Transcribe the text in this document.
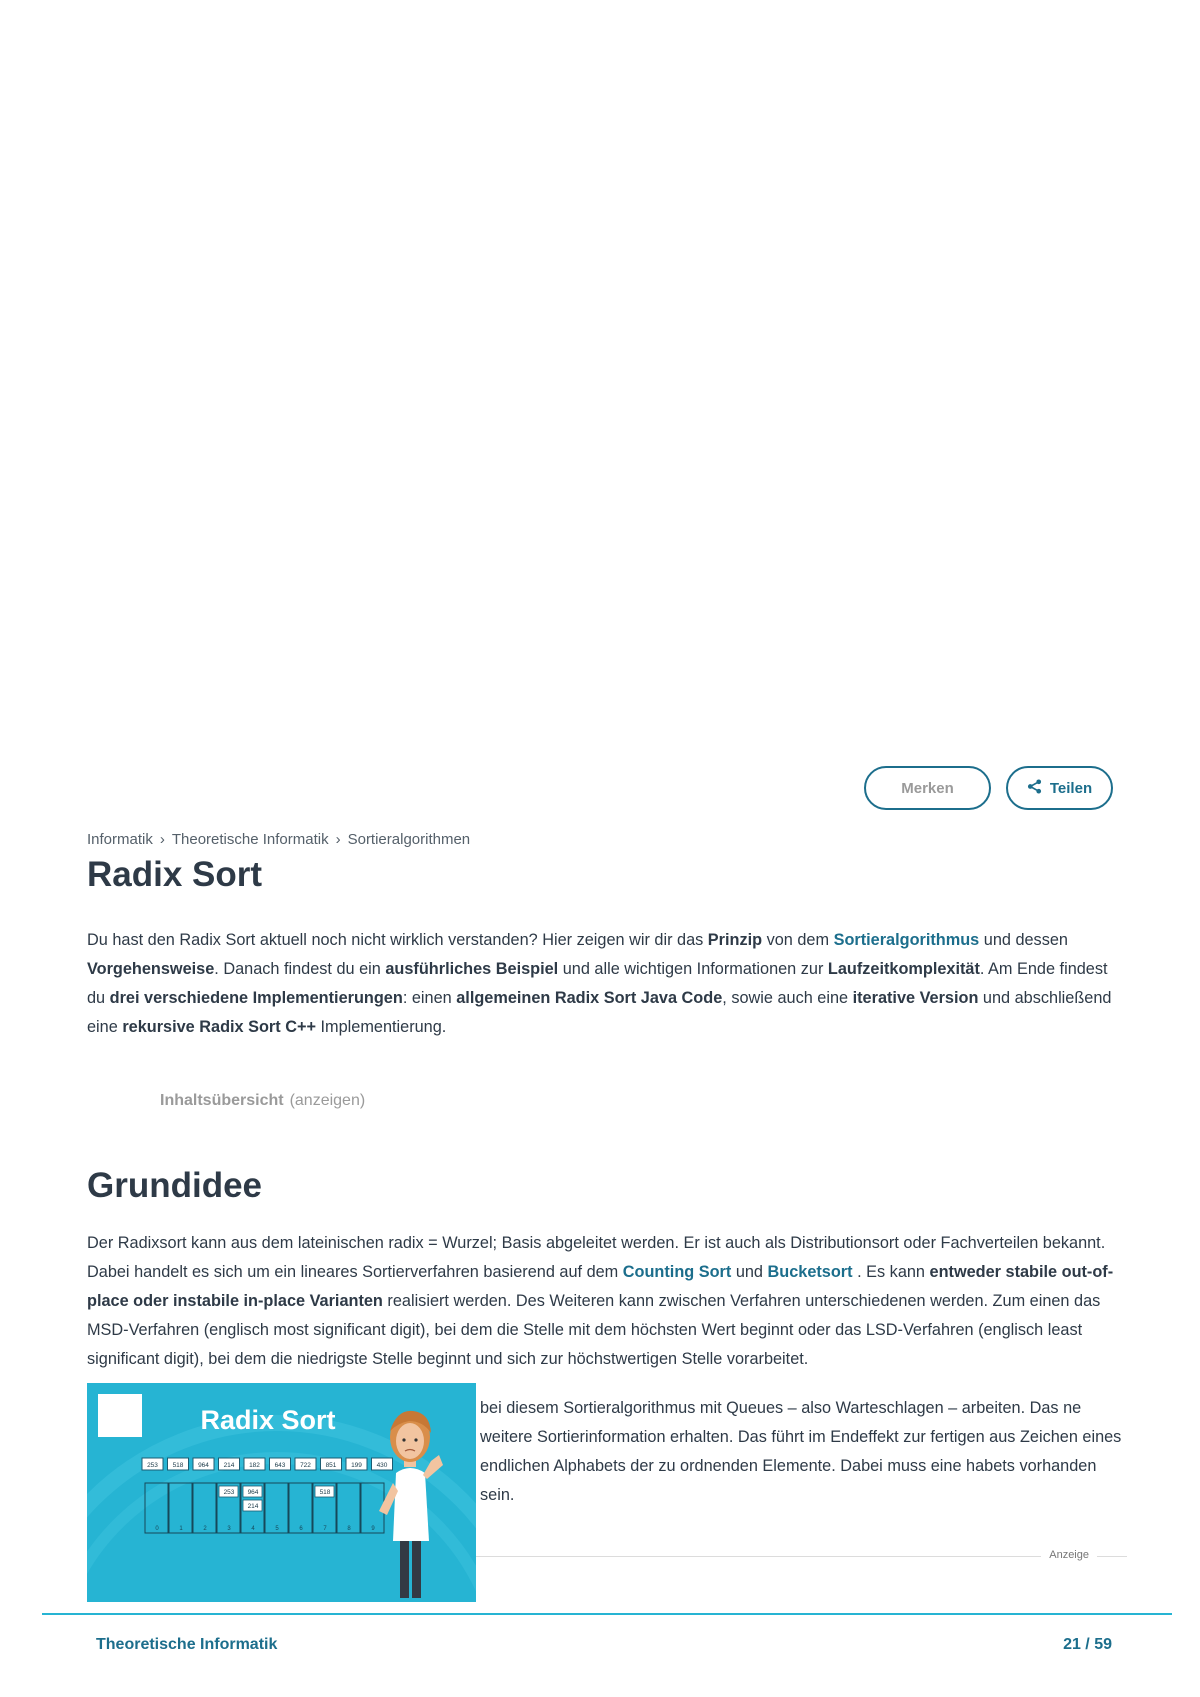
Merken	Teilen
Informatik › Theoretische Informatik › Sortieralgorithmen
Radix Sort

Du hast den Radix Sort aktuell noch nicht wirklich verstanden? Hier zeigen wir dir das Prinzip von dem Sortieralgorithmus und dessen Vorgehensweise. Danach findest du ein ausführliches Beispiel und alle wichtigen Informationen zur Laufzeitkomplexität. Am Ende findest du drei verschiedene Implementierungen: einen allgemeinen Radix Sort Java Code, sowie auch eine iterative Version und abschließend eine rekursive Radix Sort C++ Implementierung.

Inhaltsübersicht (anzeigen)
Grundidee

Der Radixsort kann aus dem lateinischen radix = Wurzel; Basis abgeleitet werden. Er ist auch als Distributionsort oder Fachverteilen bekannt. Dabei handelt es sich um ein lineares Sortierverfahren basierend auf dem Counting Sort und Bucketsort . Es kann entweder stabile out-of-place oder instabile in-place Varianten realisiert werden. Des Weiteren kann zwischen Verfahren unterschiedenen werden. Zum einen das MSD-Verfahren (englisch most significant digit), bei dem die Stelle mit dem höchsten Wert beginnt oder das LSD-Verfahren (englisch least significant digit), bei dem die niedrigste Stelle beginnt und sich zur höchstwertigen Stelle vorarbeitet.

bei diesem Sortieralgorithmus mit Queues – also Warteschlagen – arbeiten. Das ne weitere Sortierinformation erhalten. Das führt im Endeffekt zur fertigen aus Zeichen eines endlichen Alphabets der zu ordnenden Elemente. Dabei muss eine habets vorhanden sein.

Anzeige
Radix Sort
253 518 964 214 182 643 722 851 199 430
0	1	2	3
253
4
964
214
5	6	7
518
8	9
Theoretische Informatik	21 / 59
